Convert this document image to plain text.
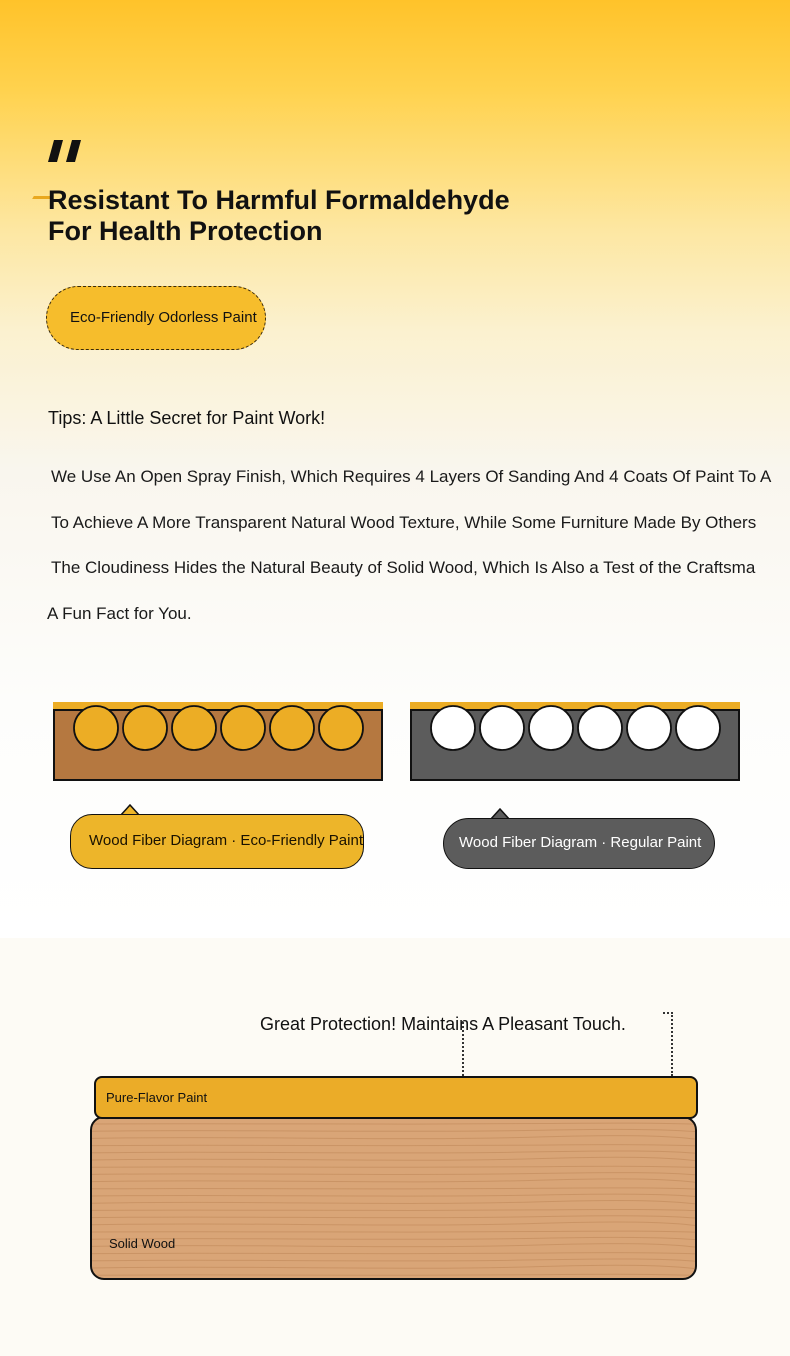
Resistant To Harmful Formaldehyde
For Health Protection
Eco-Friendly Odorless Paint
Tips: A Little Secret for Paint Work!
We Use An Open Spray Finish, Which Requires 4 Layers Of Sanding And 4 Coats Of Paint To A
To Achieve A More Transparent Natural Wood Texture, While Some Furniture Made By Others
The Cloudiness Hides the Natural Beauty of Solid Wood, Which Is Also a Test of the Craftsma
A Fun Fact for You.
Wood Fiber Diagram · Eco-Friendly Paint	Wood Fiber Diagram · Regular Paint
Great Protection! Maintains A Pleasant Touch.
Pure-Flavor Paint
Solid Wood
